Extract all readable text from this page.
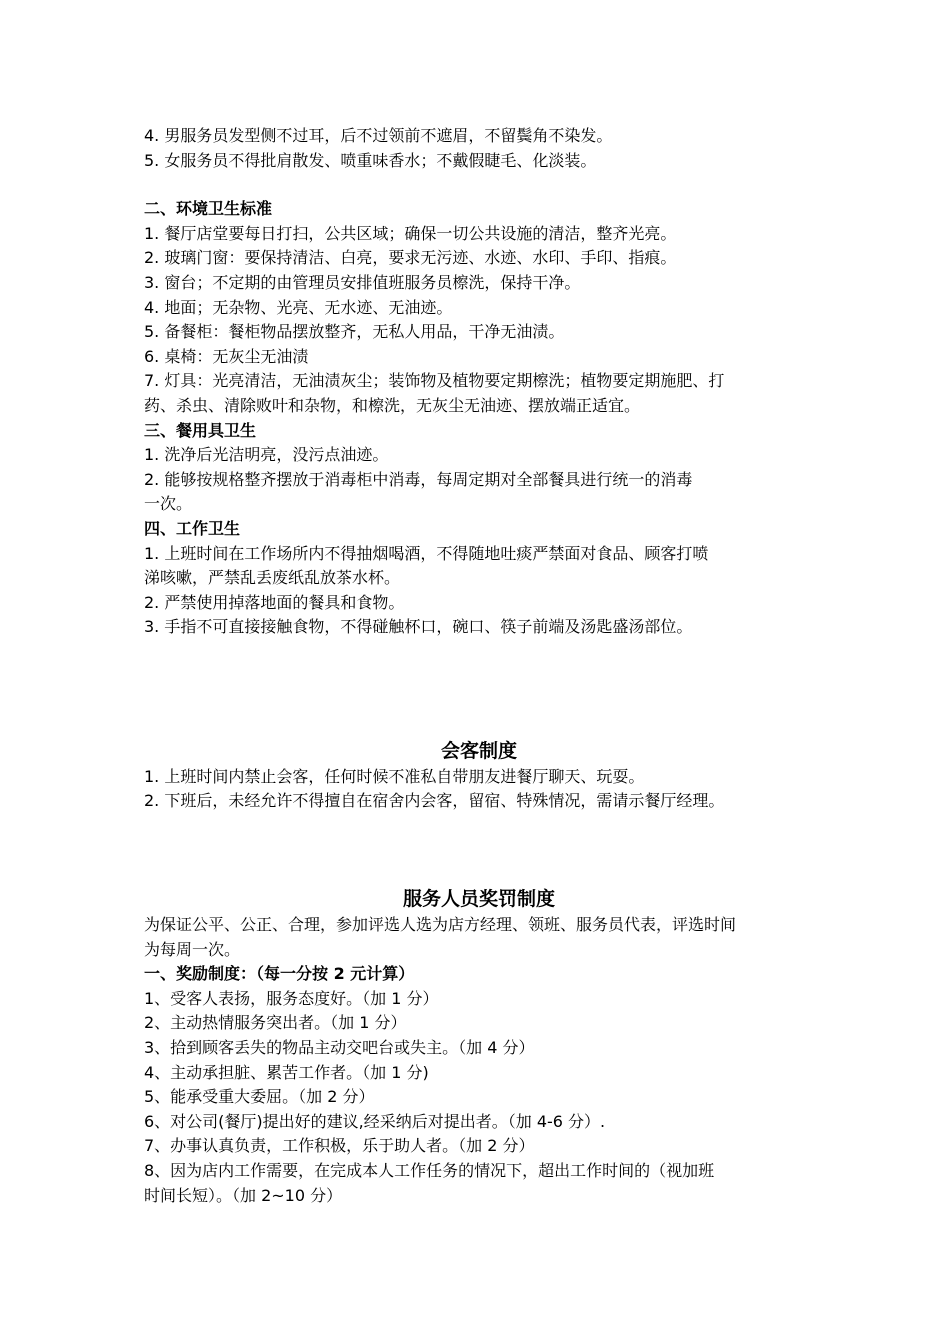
4. 男服务员发型侧不过耳，后不过领前不遮眉，不留鬓角不染发。
5. 女服务员不得批肩散发、喷重味香水；不戴假睫毛、化淡装。
二、环境卫生标准
1. 餐厅店堂要每日打扫，公共区域；确保一切公共设施的清洁，整齐光亮。
2. 玻璃门窗：要保持清洁、白亮，要求无污迹、水迹、水印、手印、指痕。
3. 窗台；不定期的由管理员安排值班服务员檫洗，保持干净。
4. 地面；无杂物、光亮、无水迹、无油迹。
5. 备餐柜：餐柜物品摆放整齐，无私人用品，干净无油渍。
6. 桌椅：无灰尘无油渍
7. 灯具：光亮清洁，无油渍灰尘；装饰物及植物要定期檫洗；植物要定期施肥、打
药、杀虫、清除败叶和杂物，和檫洗，无灰尘无油迹、摆放端正适宜。
三、餐用具卫生
1. 洗净后光洁明亮，没污点油迹。
2. 能够按规格整齐摆放于消毒柜中消毒，每周定期对全部餐具进行统一的消毒
一次。
四、工作卫生
1. 上班时间在工作场所内不得抽烟喝酒，不得随地吐痰严禁面对食品、顾客打喷
涕咳嗽，严禁乱丢废纸乱放茶水杯。
2. 严禁使用掉落地面的餐具和食物。
3. 手指不可直接接触食物，不得碰触杯口，碗口、筷子前端及汤匙盛汤部位。
会客制度
1. 上班时间内禁止会客，任何时候不准私自带朋友进餐厅聊天、玩耍。
2. 下班后，未经允许不得擅自在宿舍内会客，留宿、特殊情况，需请示餐厅经理。
服务人员奖罚制度
为保证公平、公正、合理，参加评选人选为店方经理、领班、服务员代表，评选时间
为每周一次。
一、奖励制度：（每一分按 2 元计算）
1、受客人表扬，服务态度好。（加 1 分）
2、主动热情服务突出者。（加 1 分）
3、拾到顾客丢失的物品主动交吧台或失主。（加 4 分）
4、主动承担脏、累苦工作者。（加 1 分)
5、能承受重大委屈。（加 2 分）
6、对公司(餐厅)提出好的建议,经采纳后对提出者。（加 4-6 分）.
7、办事认真负责，工作积极，乐于助人者。（加 2 分）
8、因为店内工作需要，在完成本人工作任务的情况下，超出工作时间的（视加班
时间长短）。（加 2~10 分）
